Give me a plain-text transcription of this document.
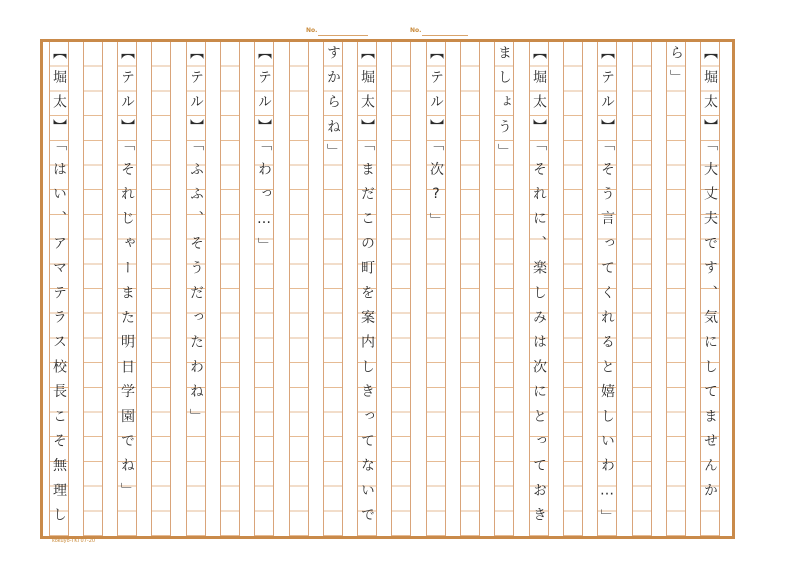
No.	No.
【堀太】「大丈夫です、気にしてませんか
ら」
【テル】「そう言ってくれると嬉しいわ…」
【堀太】「それに、楽しみは次にとっておき
ましょう」
【テル】「次?」
【堀太】「まだこの町を案内しきってないで
すからね」
【テル】「わっ…」
【テル】「ふふ、そうだったわね」
【テル】「それじゃーまた明日学園でね」
【堀太】「はい、アマテラス校長こそ無理し
kokuyo-TKI 07-20
